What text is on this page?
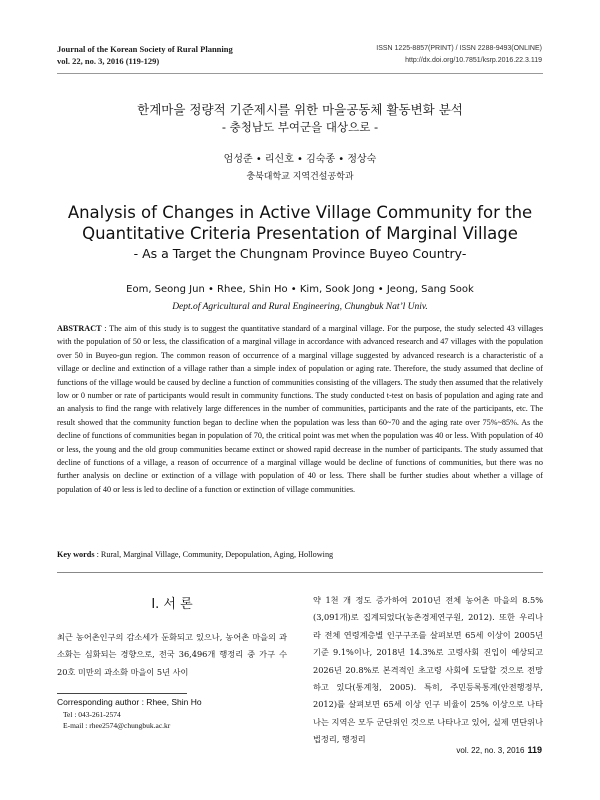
Journal of the Korean Society of Rural Planning
vol. 22, no. 3, 2016 (119-129)
ISSN 1225-8857(PRINT) / ISSN 2288-9493(ONLINE)
http://dx.doi.org/10.7851/ksrp.2016.22.3.119
한계마을 정량적 기준제시를 위한 마을공동체 활동변화 분석
- 충청남도 부여군을 대상으로 -
엄성준 • 리신호 • 김숙종 • 정상숙
충북대학교 지역건설공학과
Analysis of Changes in Active Village Community for the
Quantitative Criteria Presentation of Marginal Village
- As a Target the Chungnam Province Buyeo Country-
Eom, Seong Jun • Rhee, Shin Ho • Kim, Sook Jong • Jeong, Sang Sook
Dept.of Agricultural and Rural Engineering, Chungbuk Nat’l Univ.
ABSTRACT : The aim of this study is to suggest the quantitative standard of a marginal village. For the purpose, the study selected 43 villages with the population of 50 or less, the classification of a marginal village in accordance with advanced research and 47 villages with the population over 50 in Buyeo-gun region. The common reason of occurrence of a marginal village suggested by advanced research is a characteristic of a village or decline and extinction of a village rather than a simple index of population or aging rate. Therefore, the study assumed that decline of functions of the village would be caused by decline a function of communities consisting of the villagers. The study then assumed that the relatively low or 0 number or rate of participants would result in community functions. The study conducted t-test on basis of population and aging rate and an analysis to find the range with relatively large differences in the number of communities, participants and the rate of the participants, etc. The result showed that the community function began to decline when the population was less than 60~70 and the aging rate over 75%~85%. As the decline of functions of communities began in population of 70, the critical point was met when the population was 40 or less. With population of 40 or less, the young and the old group communities became extinct or showed rapid decrease in the number of participants. The study assumed that decline of functions of a village, a reason of occurrence of a marginal village would be decline of functions of communities, but there was no further analysis on decline or extinction of a village with population of 40 or less. There shall be further studies about whether a village of population of 40 or less is led to decline of a function or extinction of village communities.
Key words : Rural, Marginal Village, Community, Depopulation, Aging, Hollowing
Ⅰ. 서 론
최근 농어촌인구의 감소세가 둔화되고 있으나, 농어촌 마을의 과소화는 심화되는 경향으로, 전국 36,496개 행정리 중 가구 수 20호 미만의 과소화 마을이 5년 사이
약 1천 개 정도 증가하여 2010년 전체 농어촌 마을의 8.5%(3,091개)로 집계되었다(농촌경제연구원, 2012). 또한 우리나라 전체 연령계층별 인구구조를 살펴보면 65세 이상이 2005년 기준 9.1%이나, 2018년 14.3%로 고령사회 진입이 예상되고 2026년 20.8%로 본격적인 초고령 사회에 도달할 것으로 전망하고 있다(통계청, 2005). 특히, 주민등록통계(안전행정부, 2012)를 살펴보면 65세 이상 인구 비율이 25% 이상으로 나타나는 지역은 모두 군단위인 것으로 나타나고 있어, 실제 면단위나 법정리, 행정리
Corresponding author : Rhee, Shin Ho
Tel : 043-261-2574
E-mail : rhee2574@chungbuk.ac.kr
vol. 22, no. 3, 2016 119
